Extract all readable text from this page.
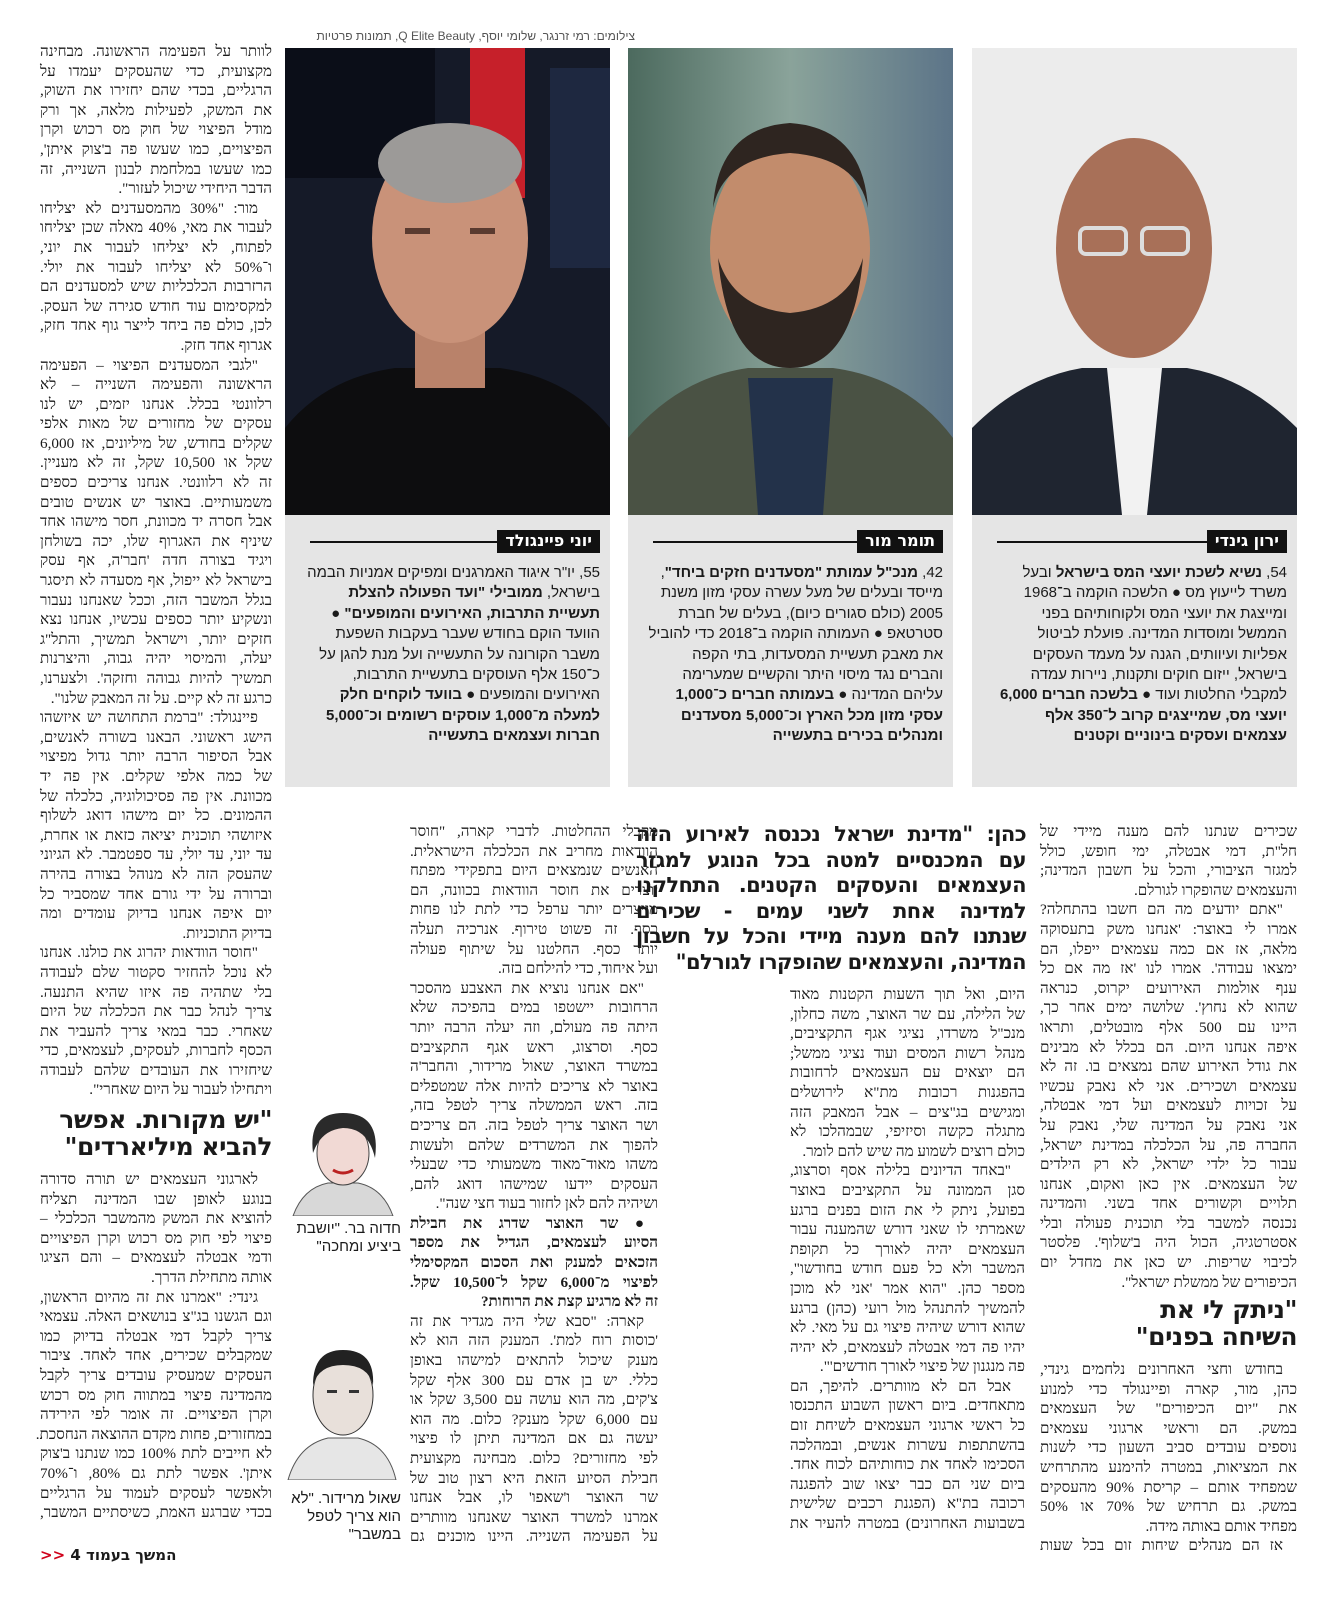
צילומים: רמי זרנגר, שלומי יוסף, Q Elite Beauty, תמונות פרטיות
ירון גינדי
54, נשיא לשכת יועצי המס בישראל ובעל משרד לייעוץ מס ● הלשכה הוקמה ב־1968 ומייצגת את יועצי המס ולקוחותיהם בפני הממשל ומוסדות המדינה. פועלת לביטול אפליות ועיוותים, הגנה על מעמד העסקים בישראל, ייזום חוקים ותקנות, ניירות עמדה למקבלי החלטות ועוד ● בלשכה חברים 6,000 יועצי מס, שמייצגים קרוב ל־350 אלף עצמאים ועסקים בינוניים וקטנים
תומר מור
42, מנכ"ל עמותת "מסעדנים חזקים ביחד", מייסד ובעלים של מעל עשרה עסקי מזון משנת 2005 (כולם סגורים כיום), בעלים של חברת סטרטאפ ● העמותה הוקמה ב־2018 כדי להוביל את מאבק תעשיית המסעדות, בתי הקפה והברים נגד מיסוי היתר והקשיים שמערימה עליהם המדינה ● בעמותה חברים כ־1,000 עסקי מזון מכל הארץ וכ־5,000 מסעדנים ומנהלים בכירים בתעשייה
יוני פיינגולד
55, יו"ר איגוד האמרגנים ומפיקים אמניות הבמה בישראל, ממובילי "ועד הפעולה להצלת תעשיית התרבות, האירועים והמופעים" ● הוועד הוקם בחודש שעבר בעקבות השפעת משבר הקורונה על התעשייה ועל מנת להגן על כ־150 אלף העוסקים בתעשיית התרבות, האירועים והמופעים ● בוועד לוקחים חלק למעלה מ־1,000 עוסקים רשומים וכ־5,000 חברות ועצמאים בתעשייה
לוותר על הפעימה הראשונה. מבחינה
מקצועית, כדי שהעסקים יעמדו על
הרגליים, בכדי שהם יחזירו את השוק,
את המשק, לפעילות מלאה, אך ורק
מודל הפיצוי של חוק מס רכוש וקרן
הפיצויים, כמו שעשו פה ב'צוק איתן',
כמו שעשו במלחמת לבנון השנייה, זה
הדבר היחידי שיכול לעזור".
מור: "30% מהמסעדנים לא יצליחו
לעבור את מאי, 40% מאלה שכן יצליחו
לפתוח, לא יצליחו לעבור את יוני,
ו־50% לא יצליחו לעבור את יולי.
הרזרבות הכלכליות שיש למסעדנים הם
למקסימום עוד חודש סגירה של העסק.
לכן, כולם פה ביחד לייצר גוף אחד חזק,
אגרוף אחד חזק.
"לגבי המסעדנים הפיצוי – הפעימה
הראשונה והפעימה השנייה – לא
רלוונטי בכלל. אנחנו יזמים, יש לנו
עסקים של מחזורים של מאות אלפי
שקלים בחודש, של מיליונים, אז 6,000
שקל או 10,500 שקל, זה לא מעניין.
זה לא רלוונטי. אנחנו צריכים כספים
משמעותיים. באוצר יש אנשים טובים
אבל חסרה יד מכוונת, חסר מישהו אחד
שיניף את האגרוף שלו, יכה בשולחן
ויגיד בצורה חדה 'חבר'ה, אף עסק
בישראל לא ייפול, אף מסעדה לא תיסגר
בגלל המשבר הזה, וככל שאנחנו נעבור
ונשקיע יותר כספים עכשיו, אנחנו נצא
חזקים יותר, וישראל תמשיך, והתל"ג
יעלה, והמיסוי יהיה גבוה, והיצרנות
תמשיך להיות גבוהה וחזקה'. ולצערנו,
כרגע זה לא קיים. על זה המאבק שלנו".
פיינגולד: "ברמת התחושה יש איזשהו
הישג ראשוני. הבאנו בשורה לאנשים,
אבל הסיפור הרבה יותר גדול מפיצוי
של כמה אלפי שקלים. אין פה יד
מכוונת. אין פה פסיכולוגיה, כלכלה של
ההמונים. כל יום מישהו דואג לשלוף
איזושהי תוכנית יציאה כזאת או אחרת,
עד יוני, עד יולי, עד ספטמבר. לא הגיוני
שהעסק הזה לא מנוהל בצורה בהירה
וברורה על ידי גורם אחד שמסביר כל
יום איפה אנחנו בדיוק עומדים ומה
בדיוק התוכניות.
"חוסר הוודאות יהרוג את כולנו. אנחנו
לא נוכל להחזיר סקטור שלם לעבודה
בלי שתהיה פה איזו שהיא התנעה.
צריך לנהל כבר את הכלכלה של היום
שאחרי. כבר במאי צריך להעביר את
הכסף לחברות, לעסקים, לעצמאים, כדי
שיחזירו את העובדים שלהם לעבודה
ויתחילו לעבור על היום שאחרי".
"יש מקורות. אפשר
להביא מיליארדים"
לארגוני העצמאים יש תורה סדורה
בנוגע לאופן שבו המדינה תצליח
להוציא את המשק מהמשבר הכלכלי –
פיצוי לפי חוק מס רכוש וקרן הפיצויים
ודמי אבטלה לעצמאים – והם הציגו
אותה מתחילת הדרך.
גינדי: "אמרנו את זה מהיום הראשון,
וגם הגשנו בג"צ בנושאים האלה. עצמאי
צריך לקבל דמי אבטלה בדיוק כמו
שמקבלים שכירים, אחד לאחד. ציבור
העסקים שמעסיק עובדים צריך לקבל
מהמדינה פיצוי במתווה חוק מס רכוש
וקרן הפיצויים. זה אומר לפי הירידה
במחזורים, פחות מקדם ההוצאה הנחסכת.
לא חייבים לתת 100% כמו שנתנו ב'צוק
איתן'. אפשר לתת גם 80%, ו־70%
ולאפשר לעסקים לעמוד על הרגליים
בכדי שברגע האמת, כשיסתיים המשבר,
מקבלי ההחלטות. לדברי קארה, "חוסר
הוודאות מחריב את הכלכלה הישראלית.
האנשים שנמצאים היום בתפקידי מפתח
יוצרים את חוסר הוודאות בכוונה, הם
מייצרים יותר ערפל כדי לתת לנו פחות
כסף. זה פשוט טירוף. אנרכיה תעלה
יותר כסף. החלטנו על שיתוף פעולה
ועל איחוד, כדי להילחם בזה.
"אם אנחנו נוציא את האצבע מהסכר
הרחובות יישטפו במים בהפיכה שלא
היתה פה מעולם, וזה יעלה הרבה יותר
כסף. וסרצוג, ראש אגף התקציבים
במשרד האוצר, שאול מרידור, והחבר'ה
באוצר לא צריכים להיות אלה שמטפלים
בזה. ראש הממשלה צריך לטפל בזה,
ושר האוצר צריך לטפל בזה. הם צריכים
להפוך את המשרדים שלהם ולעשות
משהו מאוד־מאוד משמעותי כדי שבעלי
העסקים יידעו שמישהו דואג להם,
ושיהיה להם לאן לחזור בעוד חצי שנה".
● שר האוצר שדרג את חבילת
הסיוע לעצמאים, הגדיל את מספר
הזכאים למענק ואת הסכום המקסימלי
לפיצוי מ־6,000 שקל ל־10,500 שקל.
זה לא מרגיע קצת את הרוחות?
קארה: "סבא שלי היה מגדיר את זה
'כוסות רוח למת'. המענק הזה הוא לא
מענק שיכול להתאים למישהו באופן
כללי. יש בן אדם עם 300 אלף שקל
צ'קים, מה הוא עושה עם 3,500 שקל או
עם 6,000 שקל מענק? כלום. מה הוא
יעשה גם אם המדינה תיתן לו פיצוי
לפי מחזורים? כלום. מבחינה מקצועית
חבילת הסיוע הזאת היא רצון טוב של
שר האוצר ו'שאפו' לו, אבל אנחנו
אמרנו למשרד האוצר שאנחנו מוותרים
על הפעימה השנייה. היינו מוכנים גם
כהן: "מדינת ישראל נכנסה לאירוע הזה
עם המכנסיים למטה בכל הנוגע למגזר
העצמאים והעסקים הקטנים. התחלקנו
למדינה אחת לשני עמים - שכירים
שנתנו להם מענה מיידי והכל על חשבון
המדינה, והעצמאים שהופקרו לגורלם"
היום, ואל תוך השעות הקטנות מאוד
של הלילה, עם שר האוצר, משה כחלון,
מנכ"ל משרדו, נציגי אגף התקציבים,
מנהל רשות המסים ועוד נציגי ממשל;
הם יוצאים עם העצמאים לרחובות
בהפגנות רכובות מת"א לירושלים
ומגישים בג"צים – אבל המאבק הזה
מתגלה כקשה וסיזיפי, שבמהלכו לא
כולם רוצים לשמוע מה שיש להם לומר.
"באחד הדיונים בלילה אסף וסרצוג,
סגן הממונה על התקציבים באוצר
בפועל, ניתק לי את הזום בפנים ברגע
שאמרתי לו שאני דורש שהמענה עבור
העצמאים יהיה לאורך כל תקופת
המשבר ולא כל פעם חודש בחודשו",
מספר כהן. "הוא אמר 'אני לא מוכן
להמשיך להתנהל מול רועי (כהן) ברגע
שהוא דורש שיהיה פיצוי גם על מאי. לא
יהיו פה דמי אבטלה לעצמאים, לא יהיה
פה מנגנון של פיצוי לאורך חודשים'".
אבל הם לא מוותרים. להיפך, הם
מתאחדים. ביום ראשון השבוע התכנסו
כל ראשי ארגוני העצמאים לשיחת זום
בהשתתפות עשרות אנשים, ובמהלכה
הסכימו לאחד את כוחותיהם לכוח אחד.
ביום שני הם כבר יצאו שוב להפגנה
רכובה בת"א (הפגנת רכבים שלישית
בשבועות האחרונים) במטרה להעיר את
שכירים שנתנו להם מענה מיידי של
חל"ת, דמי אבטלה, ימי חופש, כולל
למגזר הציבורי, והכל על חשבון המדינה;
והעצמאים שהופקרו לגורלם.
"אתם יודעים מה הם חשבו בהתחלה?
אמרו לי באוצר: 'אנחנו משק בתעסוקה
מלאה, אז אם כמה עצמאים ייפלו, הם
ימצאו עבודה'. אמרו לנו 'אז מה אם כל
ענף אולמות האירועים יקרוס, כנראה
שהוא לא נחוץ'. שלושה ימים אחר כך,
היינו עם 500 אלף מובטלים, ותראו
איפה אנחנו היום. הם בכלל לא מבינים
את גודל האירוע שהם נמצאים בו. זה לא
עצמאים ושכירים. אני לא נאבק עכשיו
על זכויות לעצמאים ועל דמי אבטלה,
אני נאבק על המדינה שלי, נאבק על
החברה פה, על הכלכלה במדינת ישראל,
עבור כל ילדי ישראל, לא רק הילדים
של העצמאים. אין כאן ואקום, אנחנו
תלויים וקשורים אחד בשני. והמדינה
נכנסה למשבר בלי תוכנית פעולה ובלי
אסטרטגיה, הכול היה ב'שלוף'. פלסטר
לכיבוי שריפות. יש כאן את מחדל יום
הכיפורים של ממשלת ישראל".
"ניתק לי את
השיחה בפנים"
בחודש וחצי האחרונים נלחמים גינדי,
כהן, מור, קארה ופיינגולד כדי למנוע
את "יום הכיפורים" של העצמאים
במשק. הם וראשי ארגוני עצמאים
נוספים עובדים סביב השעון כדי לשנות
את המציאות, במטרה להימנע מהתרחיש
שמפחיד אותם – קריסת 90% מהעסקים
במשק. גם תרחיש של 70% או 50%
מפחיד אותם באותה מידה.
אז הם מנהלים שיחות זום בכל שעות
חדוה בר. "יושבת ביציע ומחכה"
שאול מרידור. "לא הוא צריך לטפל במשבר"
המשך בעמוד 4 <<
